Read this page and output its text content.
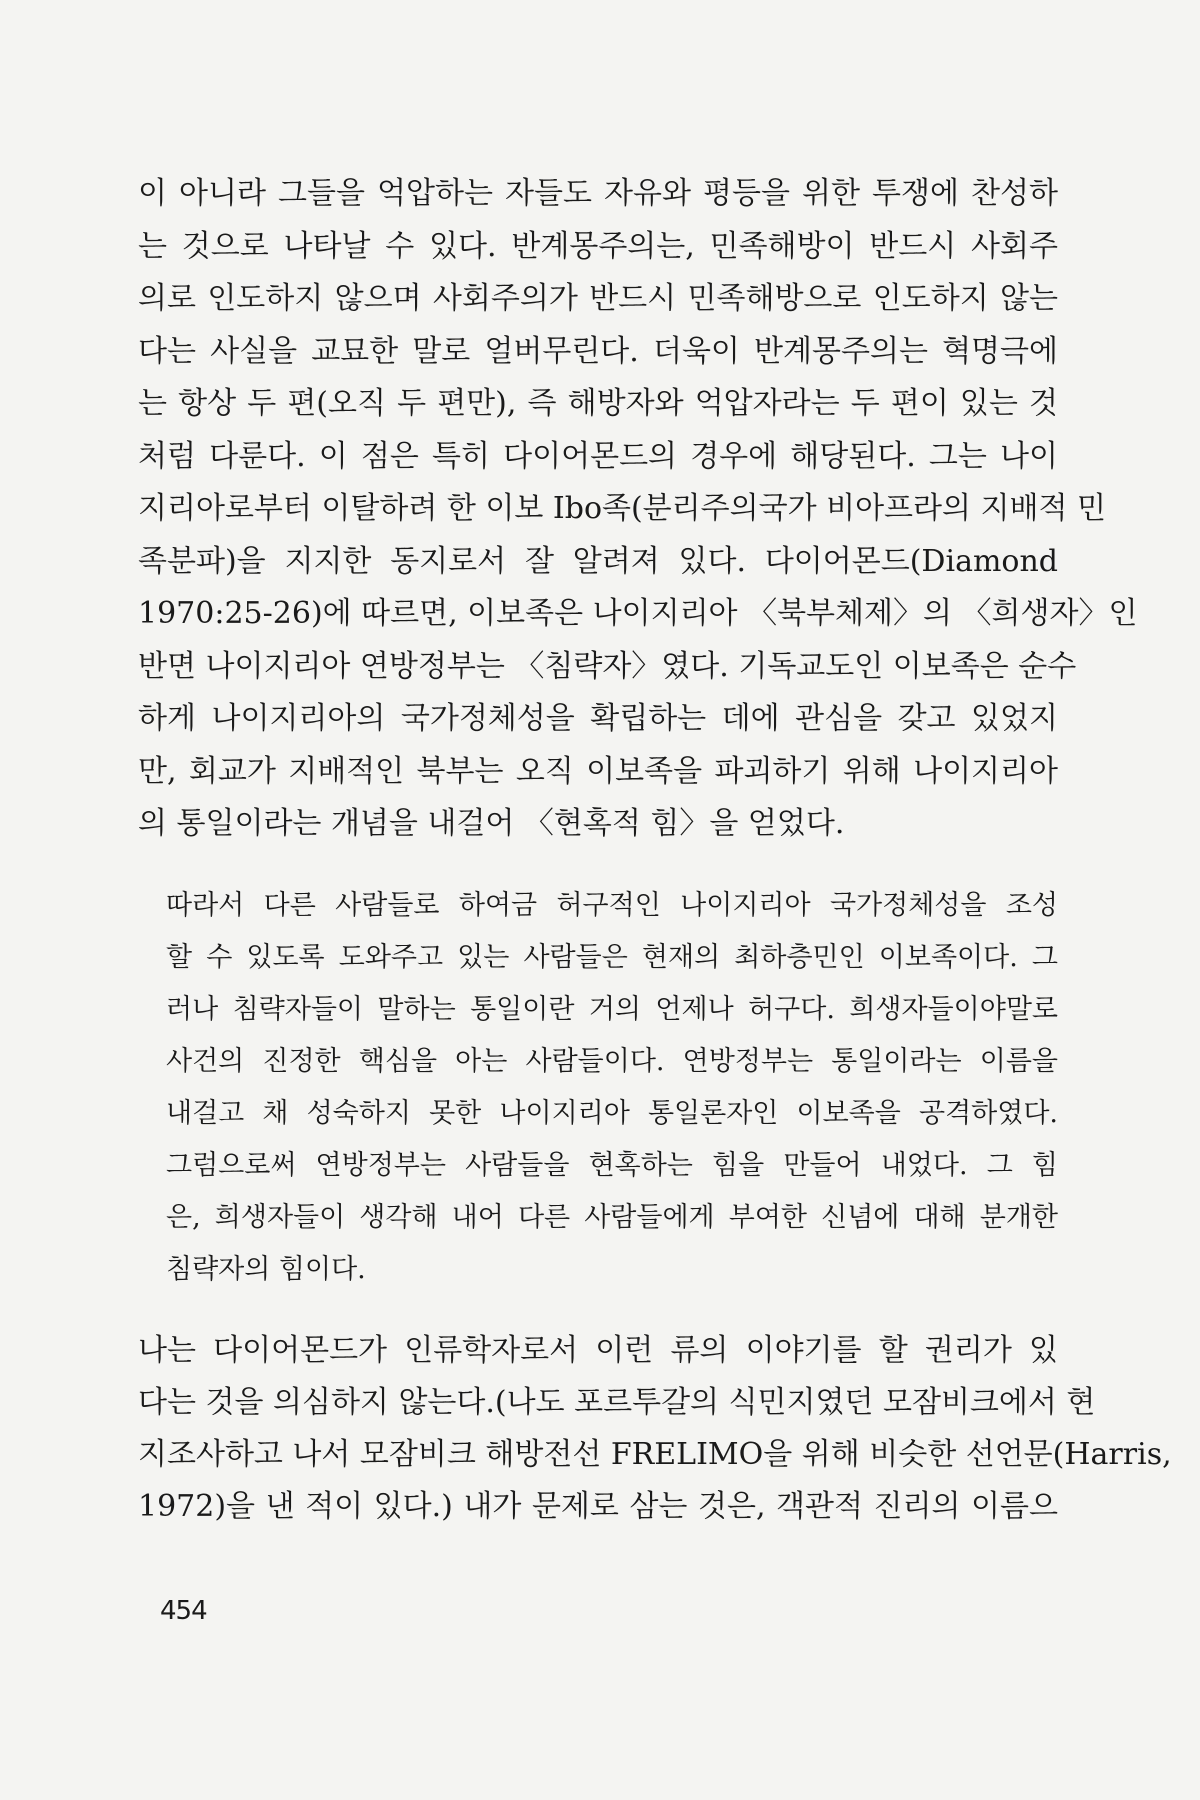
이 아니라 그들을 억압하는 자들도 자유와 평등을 위한 투쟁에 찬성하
는 것으로 나타날 수 있다. 반계몽주의는, 민족해방이 반드시 사회주
의로 인도하지 않으며 사회주의가 반드시 민족해방으로 인도하지 않는
다는 사실을 교묘한 말로 얼버무린다. 더욱이 반계몽주의는 혁명극에
는 항상 두 편(오직 두 편만), 즉 해방자와 억압자라는 두 편이 있는 것
처럼 다룬다. 이 점은 특히 다이어몬드의 경우에 해당된다. 그는 나이
지리아로부터 이탈하려 한 이보 Ibo족(분리주의국가 비아프라의 지배적 민
족분파)을 지지한 동지로서 잘 알려져 있다. 다이어몬드(Diamond
1970:25-26)에 따르면, 이보족은 나이지리아 〈북부체제〉의 〈희생자〉인
반면 나이지리아 연방정부는 〈침략자〉였다. 기독교도인 이보족은 순수
하게 나이지리아의 국가정체성을 확립하는 데에 관심을 갖고 있었지
만, 회교가 지배적인 북부는 오직 이보족을 파괴하기 위해 나이지리아
의 통일이라는 개념을 내걸어 〈현혹적 힘〉을 얻었다.
따라서 다른 사람들로 하여금 허구적인 나이지리아 국가정체성을 조성
할 수 있도록 도와주고 있는 사람들은 현재의 최하층민인 이보족이다. 그
러나 침략자들이 말하는 통일이란 거의 언제나 허구다. 희생자들이야말로
사건의 진정한 핵심을 아는 사람들이다. 연방정부는 통일이라는 이름을
내걸고 채 성숙하지 못한 나이지리아 통일론자인 이보족을 공격하였다.
그럼으로써 연방정부는 사람들을 현혹하는 힘을 만들어 내었다. 그 힘
은, 희생자들이 생각해 내어 다른 사람들에게 부여한 신념에 대해 분개한
침략자의 힘이다.
나는 다이어몬드가 인류학자로서 이런 류의 이야기를 할 권리가 있
다는 것을 의심하지 않는다.(나도 포르투갈의 식민지였던 모잠비크에서 현
지조사하고 나서 모잠비크 해방전선 FRELIMO을 위해 비슷한 선언문(Harris,
1972)을 낸 적이 있다.) 내가 문제로 삼는 것은, 객관적 진리의 이름으
454
